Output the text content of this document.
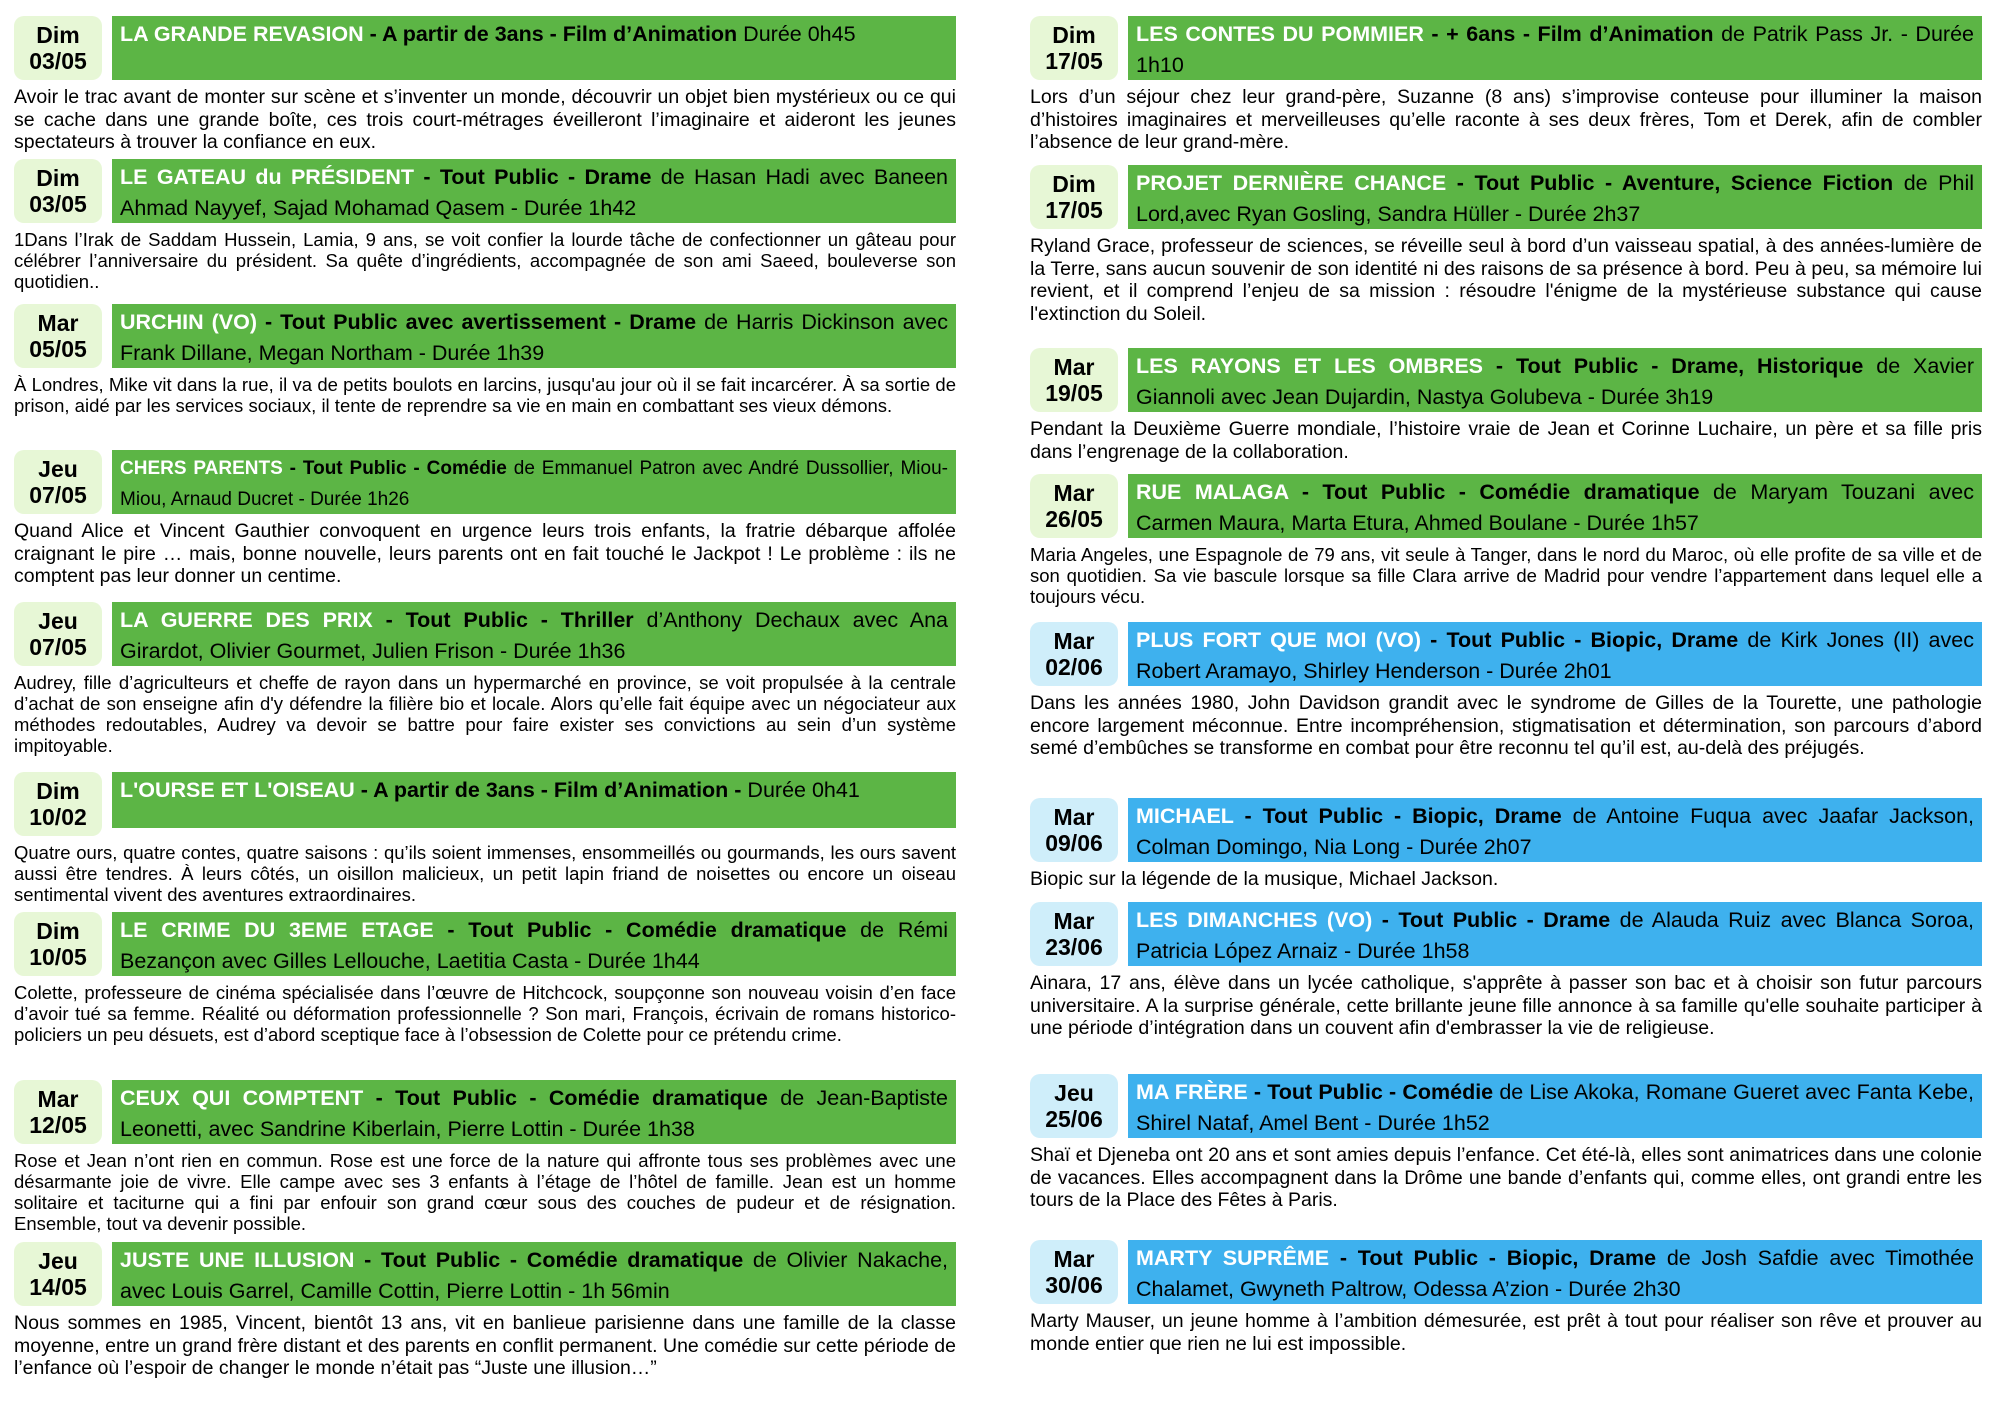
Dim
03/05
LA GRANDE REVASION - A partir de 3ans - Film d’Animation Durée 0h45

Avoir le trac avant de monter sur scène et s’inventer un monde, découvrir un objet bien mystérieux ou ce qui se cache dans une grande boîte, ces trois court-métrages éveilleront l’imaginaire et aideront les jeunes spectateurs à trouver la confiance en eux.

Dim
03/05
LE GATEAU du PRÉSIDENT - Tout Public - Drame de Hasan Hadi avec Baneen Ahmad Nayyef, Sajad Mohamad Qasem - Durée 1h42

1Dans l’Irak de Saddam Hussein, Lamia, 9 ans, se voit confier la lourde tâche de confectionner un gâteau pour célébrer l’anniversaire du président. Sa quête d’ingrédients, accompagnée de son ami Saeed, bouleverse son quotidien..

Mar
05/05
URCHIN (VO) - Tout Public avec avertissement - Drame de Harris Dickinson avec Frank Dillane, Megan Northam - Durée 1h39

À Londres, Mike vit dans la rue, il va de petits boulots en larcins, jusqu'au jour où il se fait incarcérer. À sa sortie de prison, aidé par les services sociaux, il tente de reprendre sa vie en main en combattant ses vieux démons.

Jeu
07/05
CHERS PARENTS - Tout Public - Comédie de Emmanuel Patron avec André Dussollier, Miou-Miou, Arnaud Ducret - Durée 1h26

Quand Alice et Vincent Gauthier convoquent en urgence leurs trois enfants, la fratrie débarque affolée craignant le pire … mais, bonne nouvelle, leurs parents ont en fait touché le Jackpot ! Le problème : ils ne comptent pas leur donner un centime.

Jeu
07/05
LA GUERRE DES PRIX - Tout Public - Thriller d’Anthony Dechaux avec Ana Girardot, Olivier Gourmet, Julien Frison - Durée 1h36

Audrey, fille d’agriculteurs et cheffe de rayon dans un hypermarché en province, se voit propulsée à la centrale d’achat de son enseigne afin d'y défendre la filière bio et locale. Alors qu’elle fait équipe avec un négociateur aux méthodes redoutables, Audrey va devoir se battre pour faire exister ses convictions au sein d’un système impitoyable.

Dim
10/02
L'OURSE ET L'OISEAU - A partir de 3ans - Film d’Animation - Durée 0h41

Quatre ours, quatre contes, quatre saisons : qu’ils soient immenses, ensommeillés ou gourmands, les ours savent aussi être tendres. À leurs côtés, un oisillon malicieux, un petit lapin friand de noisettes ou encore un oiseau sentimental vivent des aventures extraordinaires.

Dim
10/05
LE CRIME DU 3EME ETAGE - Tout Public - Comédie dramatique de Rémi Bezançon avec Gilles Lellouche, Laetitia Casta - Durée 1h44

Colette, professeure de cinéma spécialisée dans l’œuvre de Hitchcock, soupçonne son nouveau voisin d’en face d’avoir tué sa femme. Réalité ou déformation professionnelle ? Son mari, François, écrivain de romans historico-policiers un peu désuets, est d’abord sceptique face à l’obsession de Colette pour ce prétendu crime.

Mar
12/05
CEUX QUI COMPTENT - Tout Public - Comédie dramatique de Jean-Baptiste Leonetti, avec Sandrine Kiberlain, Pierre Lottin - Durée 1h38

Rose et Jean n’ont rien en commun. Rose est une force de la nature qui affronte tous ses problèmes avec une désarmante joie de vivre. Elle campe avec ses 3 enfants à l’étage de l’hôtel de famille. Jean est un homme solitaire et taciturne qui a fini par enfouir son grand cœur sous des couches de pudeur et de résignation. Ensemble, tout va devenir possible.

Jeu
14/05
JUSTE UNE ILLUSION - Tout Public - Comédie dramatique de Olivier Nakache, avec Louis Garrel, Camille Cottin, Pierre Lottin - 1h 56min

Nous sommes en 1985, Vincent, bientôt 13 ans, vit en banlieue parisienne dans une famille de la classe moyenne, entre un grand frère distant et des parents en conflit permanent. Une comédie sur cette période de l’enfance où l’espoir de changer le monde n’était pas “Juste une illusion…”

Dim
17/05
LES CONTES DU POMMIER - + 6ans - Film d’Animation de Patrik Pass Jr. - Durée 1h10

Lors d’un séjour chez leur grand-père, Suzanne (8 ans) s’improvise conteuse pour illuminer la maison d’histoires imaginaires et merveilleuses qu’elle raconte à ses deux frères, Tom et Derek, afin de combler l’absence de leur grand-mère.

Dim
17/05
PROJET DERNIÈRE CHANCE - Tout Public - Aventure, Science Fiction de Phil Lord,avec Ryan Gosling, Sandra Hüller - Durée 2h37

Ryland Grace, professeur de sciences, se réveille seul à bord d’un vaisseau spatial, à des années-lumière de la Terre, sans aucun souvenir de son identité ni des raisons de sa présence à bord. Peu à peu, sa mémoire lui revient, et il comprend l’enjeu de sa mission : résoudre l'énigme de la mystérieuse substance qui cause l'extinction du Soleil.

Mar
19/05
LES RAYONS ET LES OMBRES - Tout Public - Drame, Historique de Xavier Giannoli avec Jean Dujardin, Nastya Golubeva - Durée 3h19

Pendant la Deuxième Guerre mondiale, l’histoire vraie de Jean et Corinne Luchaire, un père et sa fille pris dans l’engrenage de la collaboration.

Mar
26/05
RUE MALAGA - Tout Public - Comédie dramatique de Maryam Touzani avec Carmen Maura, Marta Etura, Ahmed Boulane - Durée 1h57

Maria Angeles, une Espagnole de 79 ans, vit seule à Tanger, dans le nord du Maroc, où elle profite de sa ville et de son quotidien. Sa vie bascule lorsque sa fille Clara arrive de Madrid pour vendre l’appartement dans lequel elle a toujours vécu.

Mar
02/06
PLUS FORT QUE MOI (VO) - Tout Public - Biopic, Drame de Kirk Jones (II) avec Robert Aramayo, Shirley Henderson - Durée 2h01

Dans les années 1980, John Davidson grandit avec le syndrome de Gilles de la Tourette, une pathologie encore largement méconnue. Entre incompréhension, stigmatisation et détermination, son parcours d’abord semé d’embûches se transforme en combat pour être reconnu tel qu’il est, au-delà des préjugés.

Mar
09/06
MICHAEL - Tout Public - Biopic, Drame de Antoine Fuqua avec Jaafar Jackson, Colman Domingo, Nia Long - Durée 2h07

Biopic sur la légende de la musique, Michael Jackson.

Mar
23/06
LES DIMANCHES (VO) - Tout Public - Drame de Alauda Ruiz avec Blanca Soroa, Patricia López Arnaiz - Durée 1h58

Ainara, 17 ans, élève dans un lycée catholique, s'apprête à passer son bac et à choisir son futur parcours universitaire. A la surprise générale, cette brillante jeune fille annonce à sa famille qu'elle souhaite participer à une période d’intégration dans un couvent afin d'embrasser la vie de religieuse.

Jeu
25/06
MA FRÈRE - Tout Public - Comédie de Lise Akoka, Romane Gueret avec Fanta Kebe, Shirel Nataf, Amel Bent - Durée 1h52

Shaï et Djeneba ont 20 ans et sont amies depuis l’enfance. Cet été-là, elles sont animatrices dans une colonie de vacances. Elles accompagnent dans la Drôme une bande d’enfants qui, comme elles, ont grandi entre les tours de la Place des Fêtes à Paris.

Mar
30/06
MARTY SUPRÊME - Tout Public - Biopic, Drame de Josh Safdie avec Timothée Chalamet, Gwyneth Paltrow, Odessa A’zion - Durée 2h30

Marty Mauser, un jeune homme à l’ambition démesurée, est prêt à tout pour réaliser son rêve et prouver au monde entier que rien ne lui est impossible.
